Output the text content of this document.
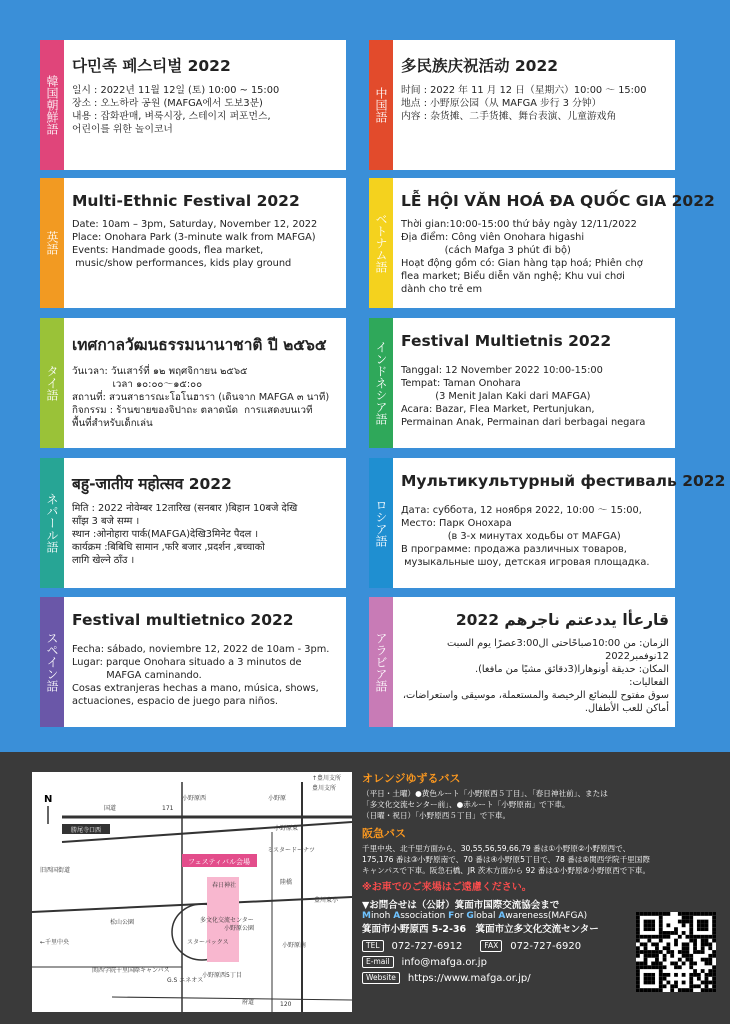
韓国朝鮮語
다민족 페스티벌 2022
일시 : 2022년 11월 12일 (토) 10:00 ~ 15:00
장소 : 오노하라 공원 (MAFGA에서 도보3분)
내용 : 잡화판매, 벼룩시장, 스테이지 퍼포먼스,
어린이를 위한 놀이코너
中国語
多民族庆祝活动 2022
时间 : 2022 年 11 月 12 日（星期六）10:00 ～ 15:00
地点 : 小野原公园（从 MAFGA 步行 3 分钟）
内容 : 杂货摊、二手货摊、舞台表演、儿童游戏角
英語
Multi-Ethnic Festival 2022
Date: 10am – 3pm, Saturday, November 12, 2022
Place: Onohara Park (3-minute walk from MAFGA)
Events: Handmade goods, flea market,
music/show performances, kids play ground	ベトナム語
LỄ HỘI VĂN HOÁ ĐA QUỐC GIA 2022
Thời gian:10:00-15:00 thứ bảy ngày 12/11/2022
Địa điểm: Công viên Onohara higashi
(cách Mafga 3 phút đi bộ)
Hoạt động gồm có: Gian hàng tạp hoá; Phiên chợ
flea market; Biểu diễn văn nghệ; Khu vui chơi
dành cho trẻ em
タイ語
เทศกาลวัฒนธรรมนานาชาติ ปี ๒๕๖๕
วันเวลา: วันเสาร์ที่ ๑๒ พฤศจิกายน ๒๕๖๕
เวลา ๑๐:๐๐～๑๕:๐๐
สถานที่: สวนสาธารณะโอโนฮารา (เดินจาก MAFGA ๓ นาที)
กิจกรรม : ร้านขายของจิปาถะ ตลาดนัด  การแสดงบนเวที
พื้นที่สำหรับเด็กเล่น	インドネシア語 Festival Multietnis 2022
Tanggal: 12 November 2022 10:00-15:00
Tempat: Taman Onohara
(3 Menit Jalan Kaki dari MAFGA)
Acara: Bazar, Flea Market, Pertunjukan,
Permainan Anak, Permainan dari berbagai negara
ネパール語
बहु-जातीय महोत्सव 2022
मिति : 2022 नोवेम्बर 12तारिख (सनबार )बिहान 10बजे देखि
साँझ 3 बजे सम्म ।
स्थान :ओनोहारा पार्क(MAFGA)देखि3मिनेट पैदल ।
कार्यक्रम :बिबिधि सामान ,फरि बजार ,प्रदर्शन ,बच्चाको
लागि खेल्ने ठाँउ ।
ロシア語
Мультикультурный фестиваль 2022
Дата: суббота, 12 ноября 2022, 10:00 ～ 15:00,
Место: Парк Онохара
(в 3-х минутах ходьбы от MAFGA)
В программе: продажа различных товаров,
музыкальные шоу, детская игровая площадка.
スペイン語
Festival multietnico 2022
Fecha: sábado, noviembre 12, 2022 de 10am - 3pm.
Lugar: parque Onohara situado a 3 minutos de
MAFGA caminando.
Cosas extranjeras hechas a mano, música, shows,
actuaciones, espacio de juego para niños.
アラビア語
قارعأا يددعتم ناجرهم 2022
الزمان: من 10:00صباحًاحتى ال3:00عصرًا يوم السبت 12نوفمبر2022
المكان: حديقة أونوهارا(3دقائق مشيًا من مافغا).
الفعاليات:
سوق مفتوح للبضائع الرخيصة والمستعملة، موسيقى واستعراضات،
أماكن للعب الأطفال.
フェスティバル会場
N
勝尾寺口西
国道	171
小野原西	小野原
小野原東
旧西国街道
ミスタードーナツ
豊川支所
↑豊川支所
陸橋
豊川東小
春日神社
松山公園	多文化交流センター
スターバックス
小野原公園
小野原南
←千里中央
G.S エネオス
関西学院千里国際キャンパス
小野原西5丁目
府道	120
オレンジゆずるバス
（平日・土曜）●黄色ルート「小野原西５丁目」、「春日神社前」、または
「多文化交流センター前」、●赤ルート「小野原南」で下車。
（日曜・祝日）「小野原西５丁目」で下車。
阪急バス
千里中央、北千里方面から、30,55,56,59,66,79 番は①小野原②小野原西で、
175,176 番は③小野原南で、70 番は④小野原5丁目で、78 番は⑤関西学院千里国際
キャンパスで下車。阪急石橋、JR 茨木方面から 92 番は①小野原②小野原西で下車。
※お車でのご来場はご遠慮ください。
▼お問合せは（公財）箕面市国際交流協会まで
Minoh Association For Global Awareness(MAFGA)
箕面市小野原西 5-2-36　箕面市立多文化交流センター
TEL	072-727-6912	FAX	072-727-6920
E-mail	info@mafga.or.jp
Website	https://www.mafga.or.jp/
